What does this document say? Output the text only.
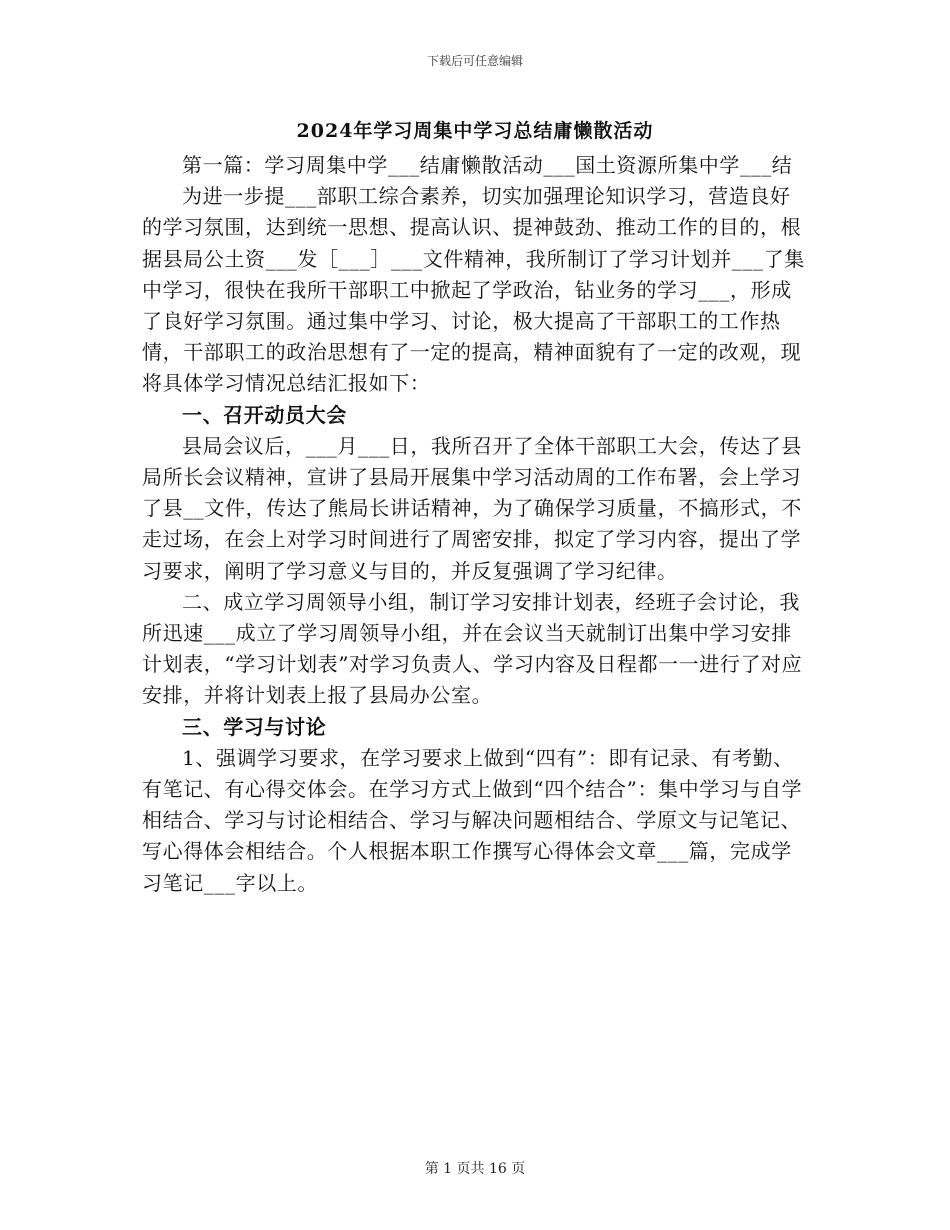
下载后可任意编辑
2024年学习周集中学习总结庸懒散活动

第一篇：学习周集中学___结庸懒散活动___国土资源所集中学___结

为进一步提___部职工综合素养，切实加强理论知识学习，营造良好的学习氛围，达到统一思想、提高认识、提神鼓劲、推动工作的目的，根据县局公土资___发［___］___文件精神，我所制订了学习计划并___了集中学习，很快在我所干部职工中掀起了学政治，钻业务的学习___，形成了良好学习氛围。通过集中学习、讨论，极大提高了干部职工的工作热情，干部职工的政治思想有了一定的提高，精神面貌有了一定的改观，现将具体学习情况总结汇报如下：

一、召开动员大会

县局会议后，___月___日，我所召开了全体干部职工大会，传达了县局所长会议精神，宣讲了县局开展集中学习活动周的工作布署，会上学习了县__文件，传达了熊局长讲话精神，为了确保学习质量，不搞形式，不走过场，在会上对学习时间进行了周密安排，拟定了学习内容，提出了学习要求，阐明了学习意义与目的，并反复强调了学习纪律。

二、成立学习周领导小组，制订学习安排计划表，经班子会讨论，我所迅速___成立了学习周领导小组，并在会议当天就制订出集中学习安排计划表，“学习计划表”对学习负责人、学习内容及日程都一一进行了对应安排，并将计划表上报了县局办公室。

三、学习与讨论

1、强调学习要求，在学习要求上做到“四有”：即有记录、有考勤、有笔记、有心得交体会。在学习方式上做到“四个结合”：集中学习与自学相结合、学习与讨论相结合、学习与解决问题相结合、学原文与记笔记、写心得体会相结合。个人根据本职工作撰写心得体会文章___篇，完成学习笔记___字以上。

第 1 页共 16 页
